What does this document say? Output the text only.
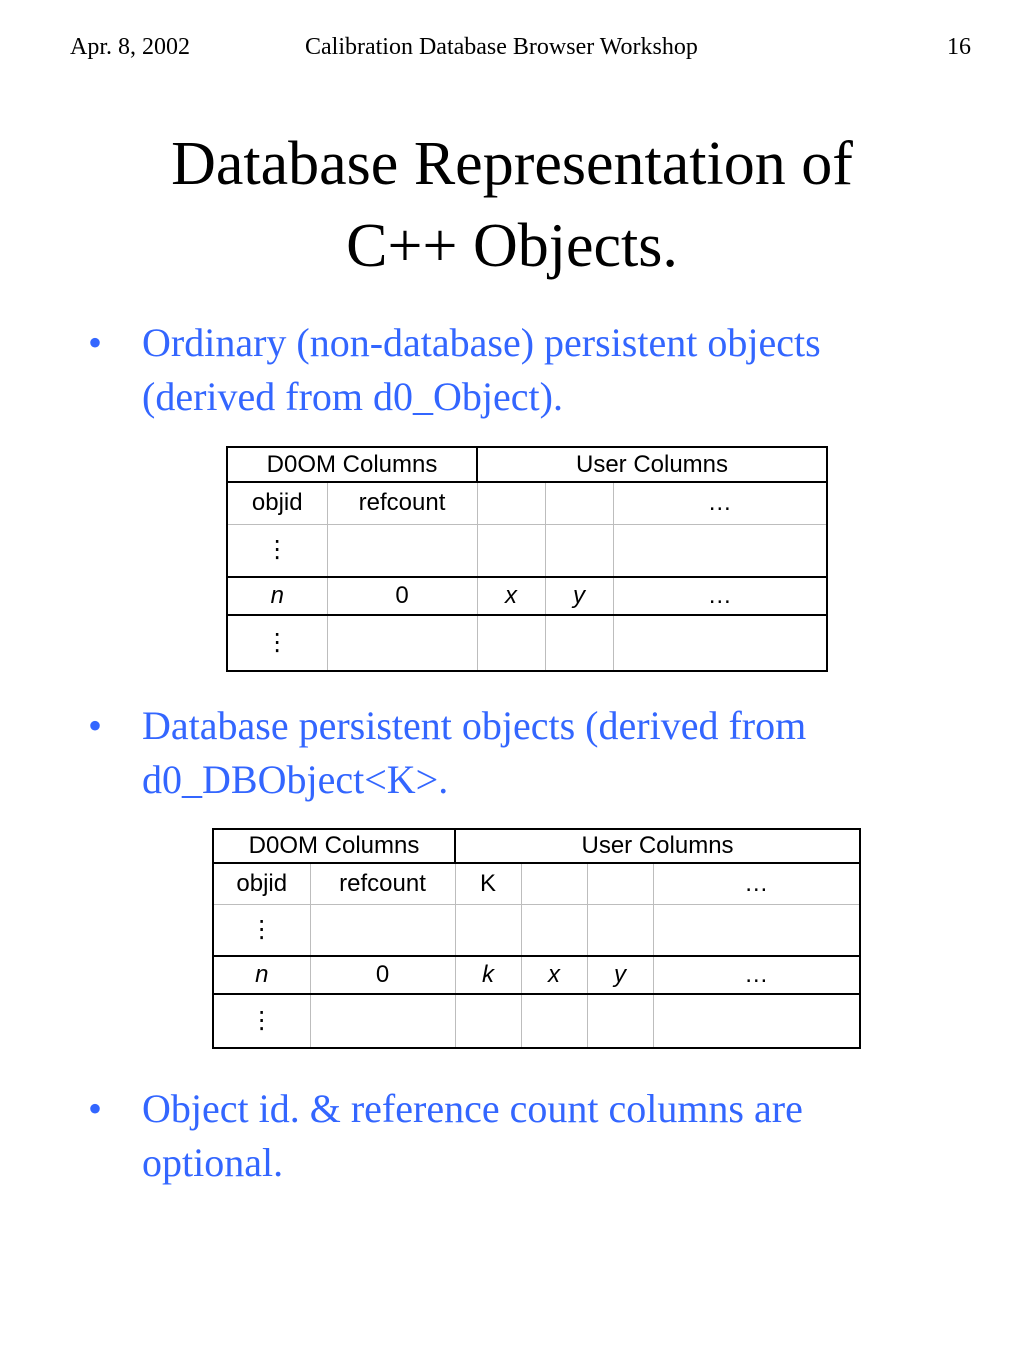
Apr. 8, 2002	Calibration Database Browser Workshop	16
Database Representation of
C++ Objects.
• Ordinary (non-database) persistent objects
(derived from d0_Object).
D0OM Columns		User Columns		
objid	refcount			…
⋮				
n	0	x	y	…
⋮				
• Database persistent objects (derived from
d0_DBObject<K>.
D0OM Columns		User Columns			
objid	refcount	K			…
⋮					
n	0	k	x	y	…
⋮					
• Object id. & reference count columns are
optional.
